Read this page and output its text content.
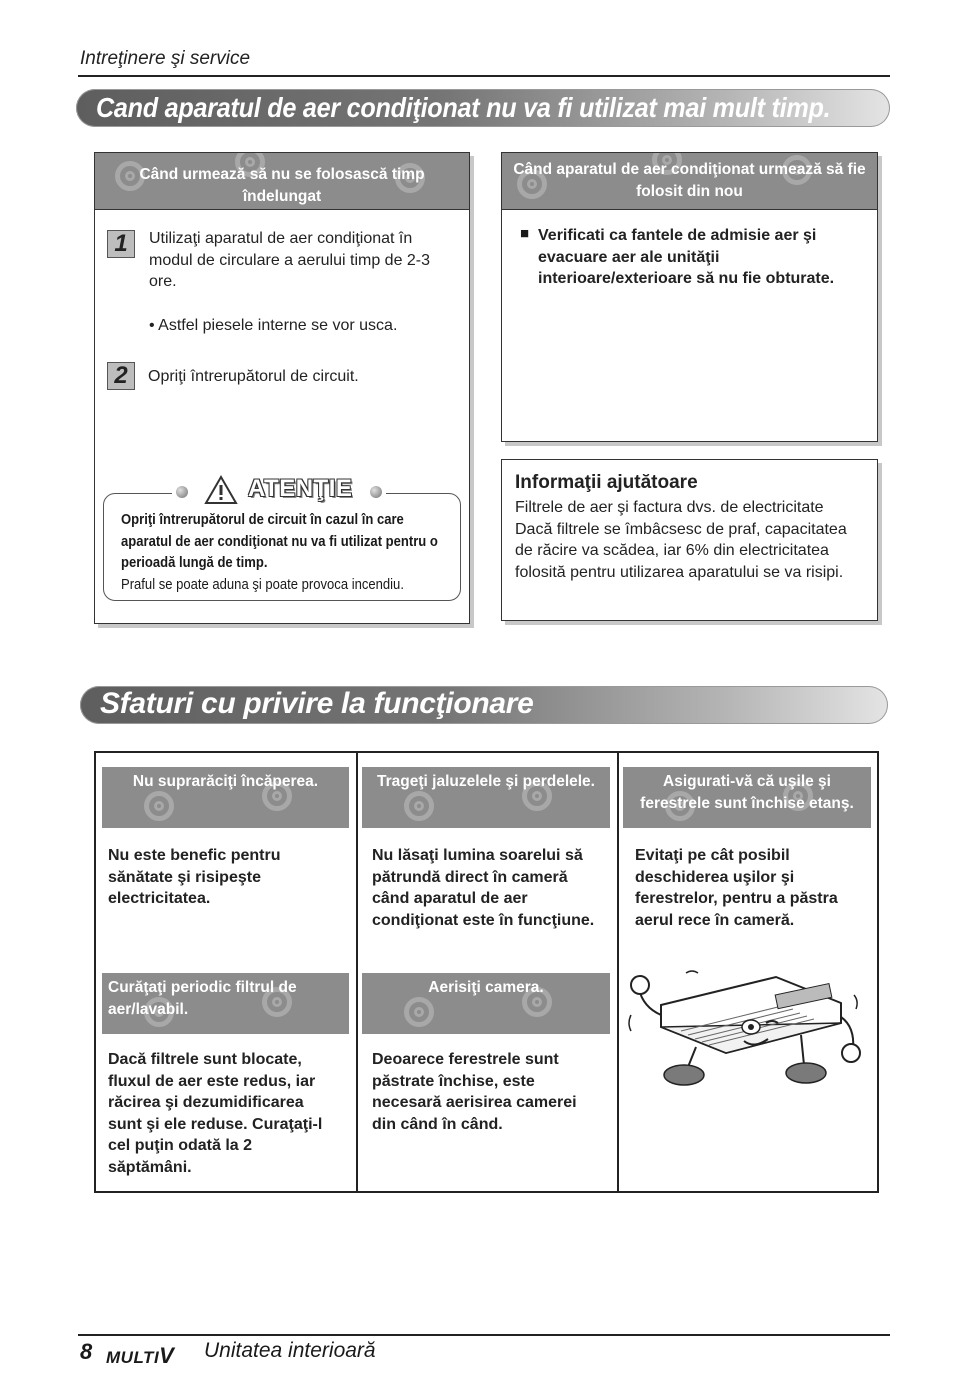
Intreţinere şi service
Cand aparatul de aer condiţionat nu va fi utilizat mai mult timp.
Când urmează să nu se folosască timp îndelungat
1	Utilizaţi aparatul de aer condiţionat în modul de circulare a aerului timp de 2-3 ore.
• Astfel piesele interne se vor usca.
2	Opriţi întrerupătorul de circuit.
ATENŢIE
Opriţi întrerupătorul de circuit în cazul în care aparatul de aer condiţionat nu va fi utilizat pentru o perioadă lungă de timp.
Praful se poate aduna şi poate provoca incendiu.
Când aparatul de aer condiţionat urmează să fie folosit din nou
■ Verificati ca fantele de admisie aer şi evacuare aer ale unităţii interioare/exterioare să nu fie obturate.
Informaţii ajutătoare
Filtrele de aer şi factura dvs. de electricitate Dacă filtrele se îmbâcsesc de praf, capacitatea de răcire va scădea, iar 6% din electricitatea folosită pentru utilizarea aparatului se va risipi.
Sfaturi cu privire la funcţionare
Nu suprarăciţi încăperea.
Nu este benefic pentru sănătate şi risipeşte electricitatea.
Trageţi jaluzelele şi perdelele.
Nu lăsaţi lumina soarelui să pătrundă direct în cameră când aparatul de aer condiţionat este în funcţiune.
Asigurati-vă că uşile şi ferestrele sunt închise etanş.
Evitaţi pe cât posibil deschiderea uşilor şi ferestrelor, pentru a păstra aerul rece în cameră.
Curăţaţi periodic filtrul de aer/lavabil.
Dacă filtrele sunt blocate, fluxul de aer este redus, iar răcirea şi dezumidificarea sunt şi ele reduse. Curaţaţi-l cel puţin odată la 2 săptămâni.
Aerisiţi camera.
Deoarece ferestrele sunt păstrate închise, este necesară aerisirea camerei din când în când.
8 MULTIV Unitatea interioară
